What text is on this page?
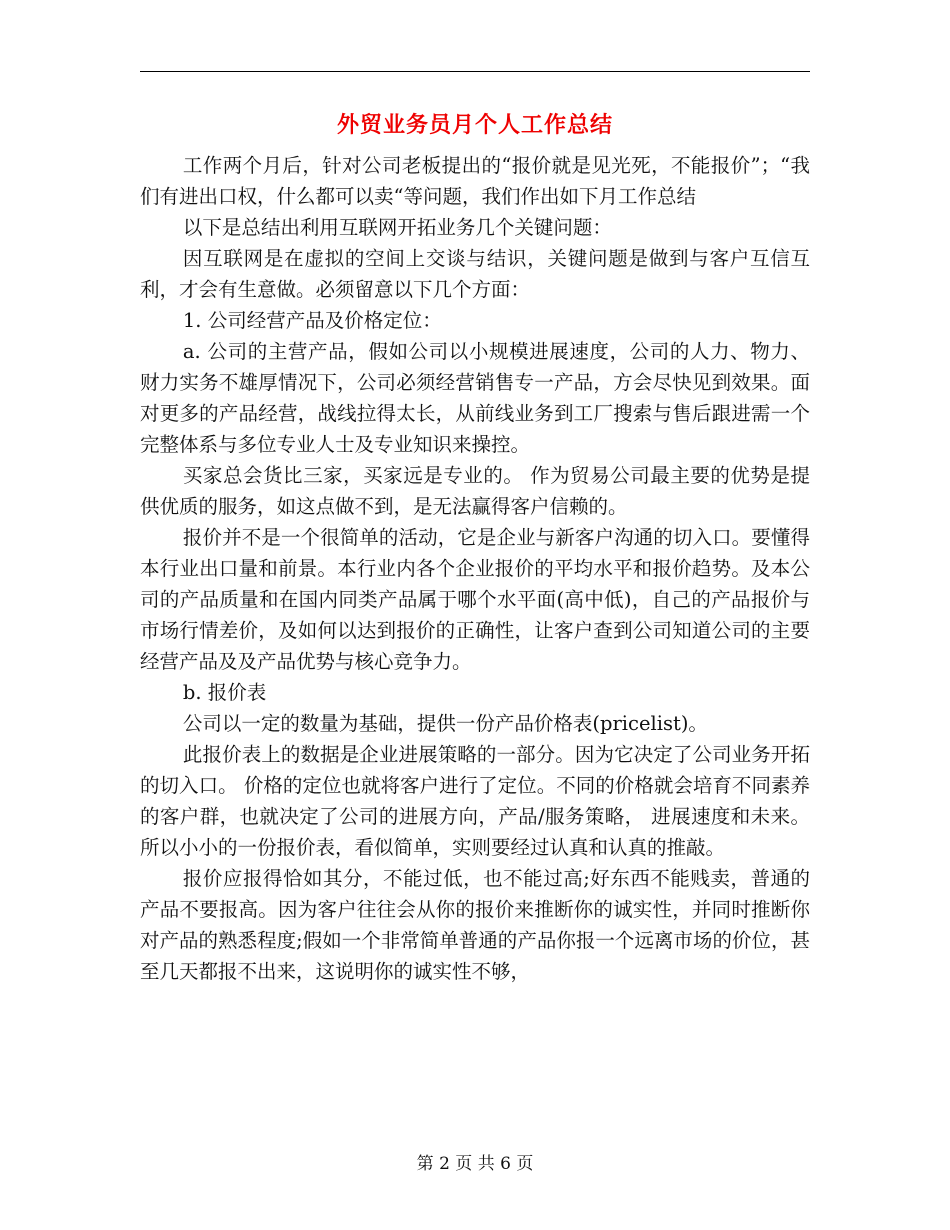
外贸业务员月个人工作总结

工作两个月后，针对公司老板提出的“报价就是见光死，不能报价”；“我们有进出口权，什么都可以卖“等问题，我们作出如下月工作总结

以下是总结出利用互联网开拓业务几个关键问题：

因互联网是在虚拟的空间上交谈与结识，关键问题是做到与客户互信互利，才会有生意做。必须留意以下几个方面：

1. 公司经营产品及价格定位：

a. 公司的主营产品，假如公司以小规模进展速度，公司的人力、物力、财力实务不雄厚情况下，公司必须经营销售专一产品，方会尽快见到效果。面对更多的产品经营，战线拉得太长，从前线业务到工厂搜索与售后跟进需一个完整体系与多位专业人士及专业知识来操控。

买家总会货比三家，买家远是专业的。 作为贸易公司最主要的优势是提供优质的服务，如这点做不到，是无法赢得客户信赖的。

报价并不是一个很简单的活动，它是企业与新客户沟通的切入口。要懂得本行业出口量和前景。本行业内各个企业报价的平均水平和报价趋势。及本公司的产品质量和在国内同类产品属于哪个水平面(高中低)，自己的产品报价与市场行情差价，及如何以达到报价的正确性，让客户查到公司知道公司的主要经营产品及及产品优势与核心竞争力。

b. 报价表

公司以一定的数量为基础，提供一份产品价格表(pricelist)。

此报价表上的数据是企业进展策略的一部分。因为它决定了公司业务开拓的切入口。 价格的定位也就将客户进行了定位。不同的价格就会培育不同素养的客户群，也就决定了公司的进展方向，产品/服务策略， 进展速度和未来。所以小小的一份报价表，看似简单，实则要经过认真和认真的推敲。

报价应报得恰如其分，不能过低，也不能过高;好东西不能贱卖，普通的产品不要报高。因为客户往往会从你的报价来推断你的诚实性，并同时推断你对产品的熟悉程度;假如一个非常简单普通的产品你报一个远离市场的价位，甚至几天都报不出来，这说明你的诚实性不够，

第 2 页 共 6 页
